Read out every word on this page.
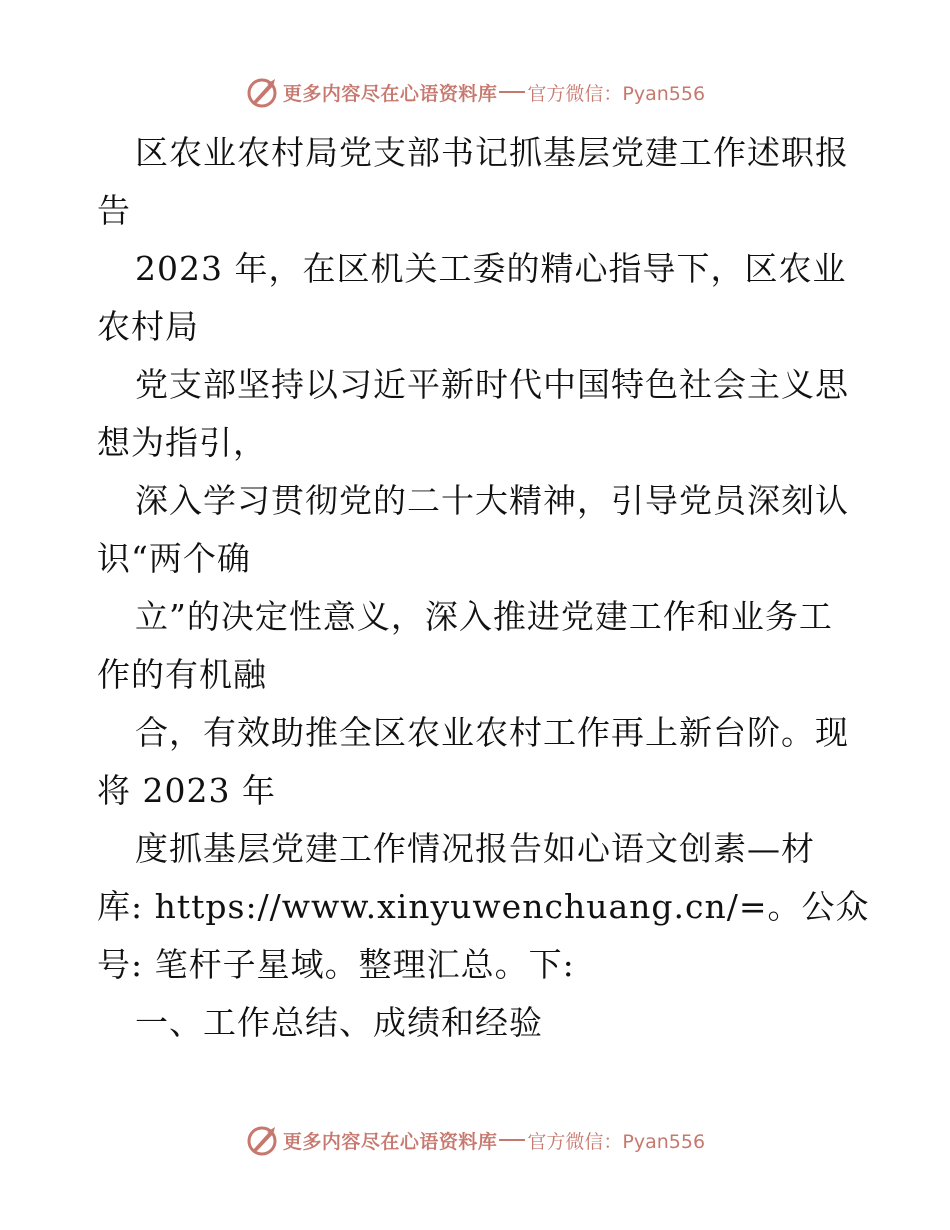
更多内容尽在心语资料库 官方微信：Pyan556
区农业农村局党支部书记抓基层党建工作述职报
告
2023 年，在区机关工委的精心指导下，区农业
农村局
党支部坚持以习近平新时代中国特色社会主义思
想为指引，
深入学习贯彻党的二十大精神，引导党员深刻认
识“两个确
立”的决定性意义，深入推进党建工作和业务工
作的有机融
合，有效助推全区农业农村工作再上新台阶。现
将 2023 年
度抓基层党建工作情况报告如心语文创素—材
库: https://www.xinyuwenchuang.cn/=。公众
号: 笔杆子星域。整理汇总。下:
一、工作总结、成绩和经验
更多内容尽在心语资料库 官方微信：Pyan556
